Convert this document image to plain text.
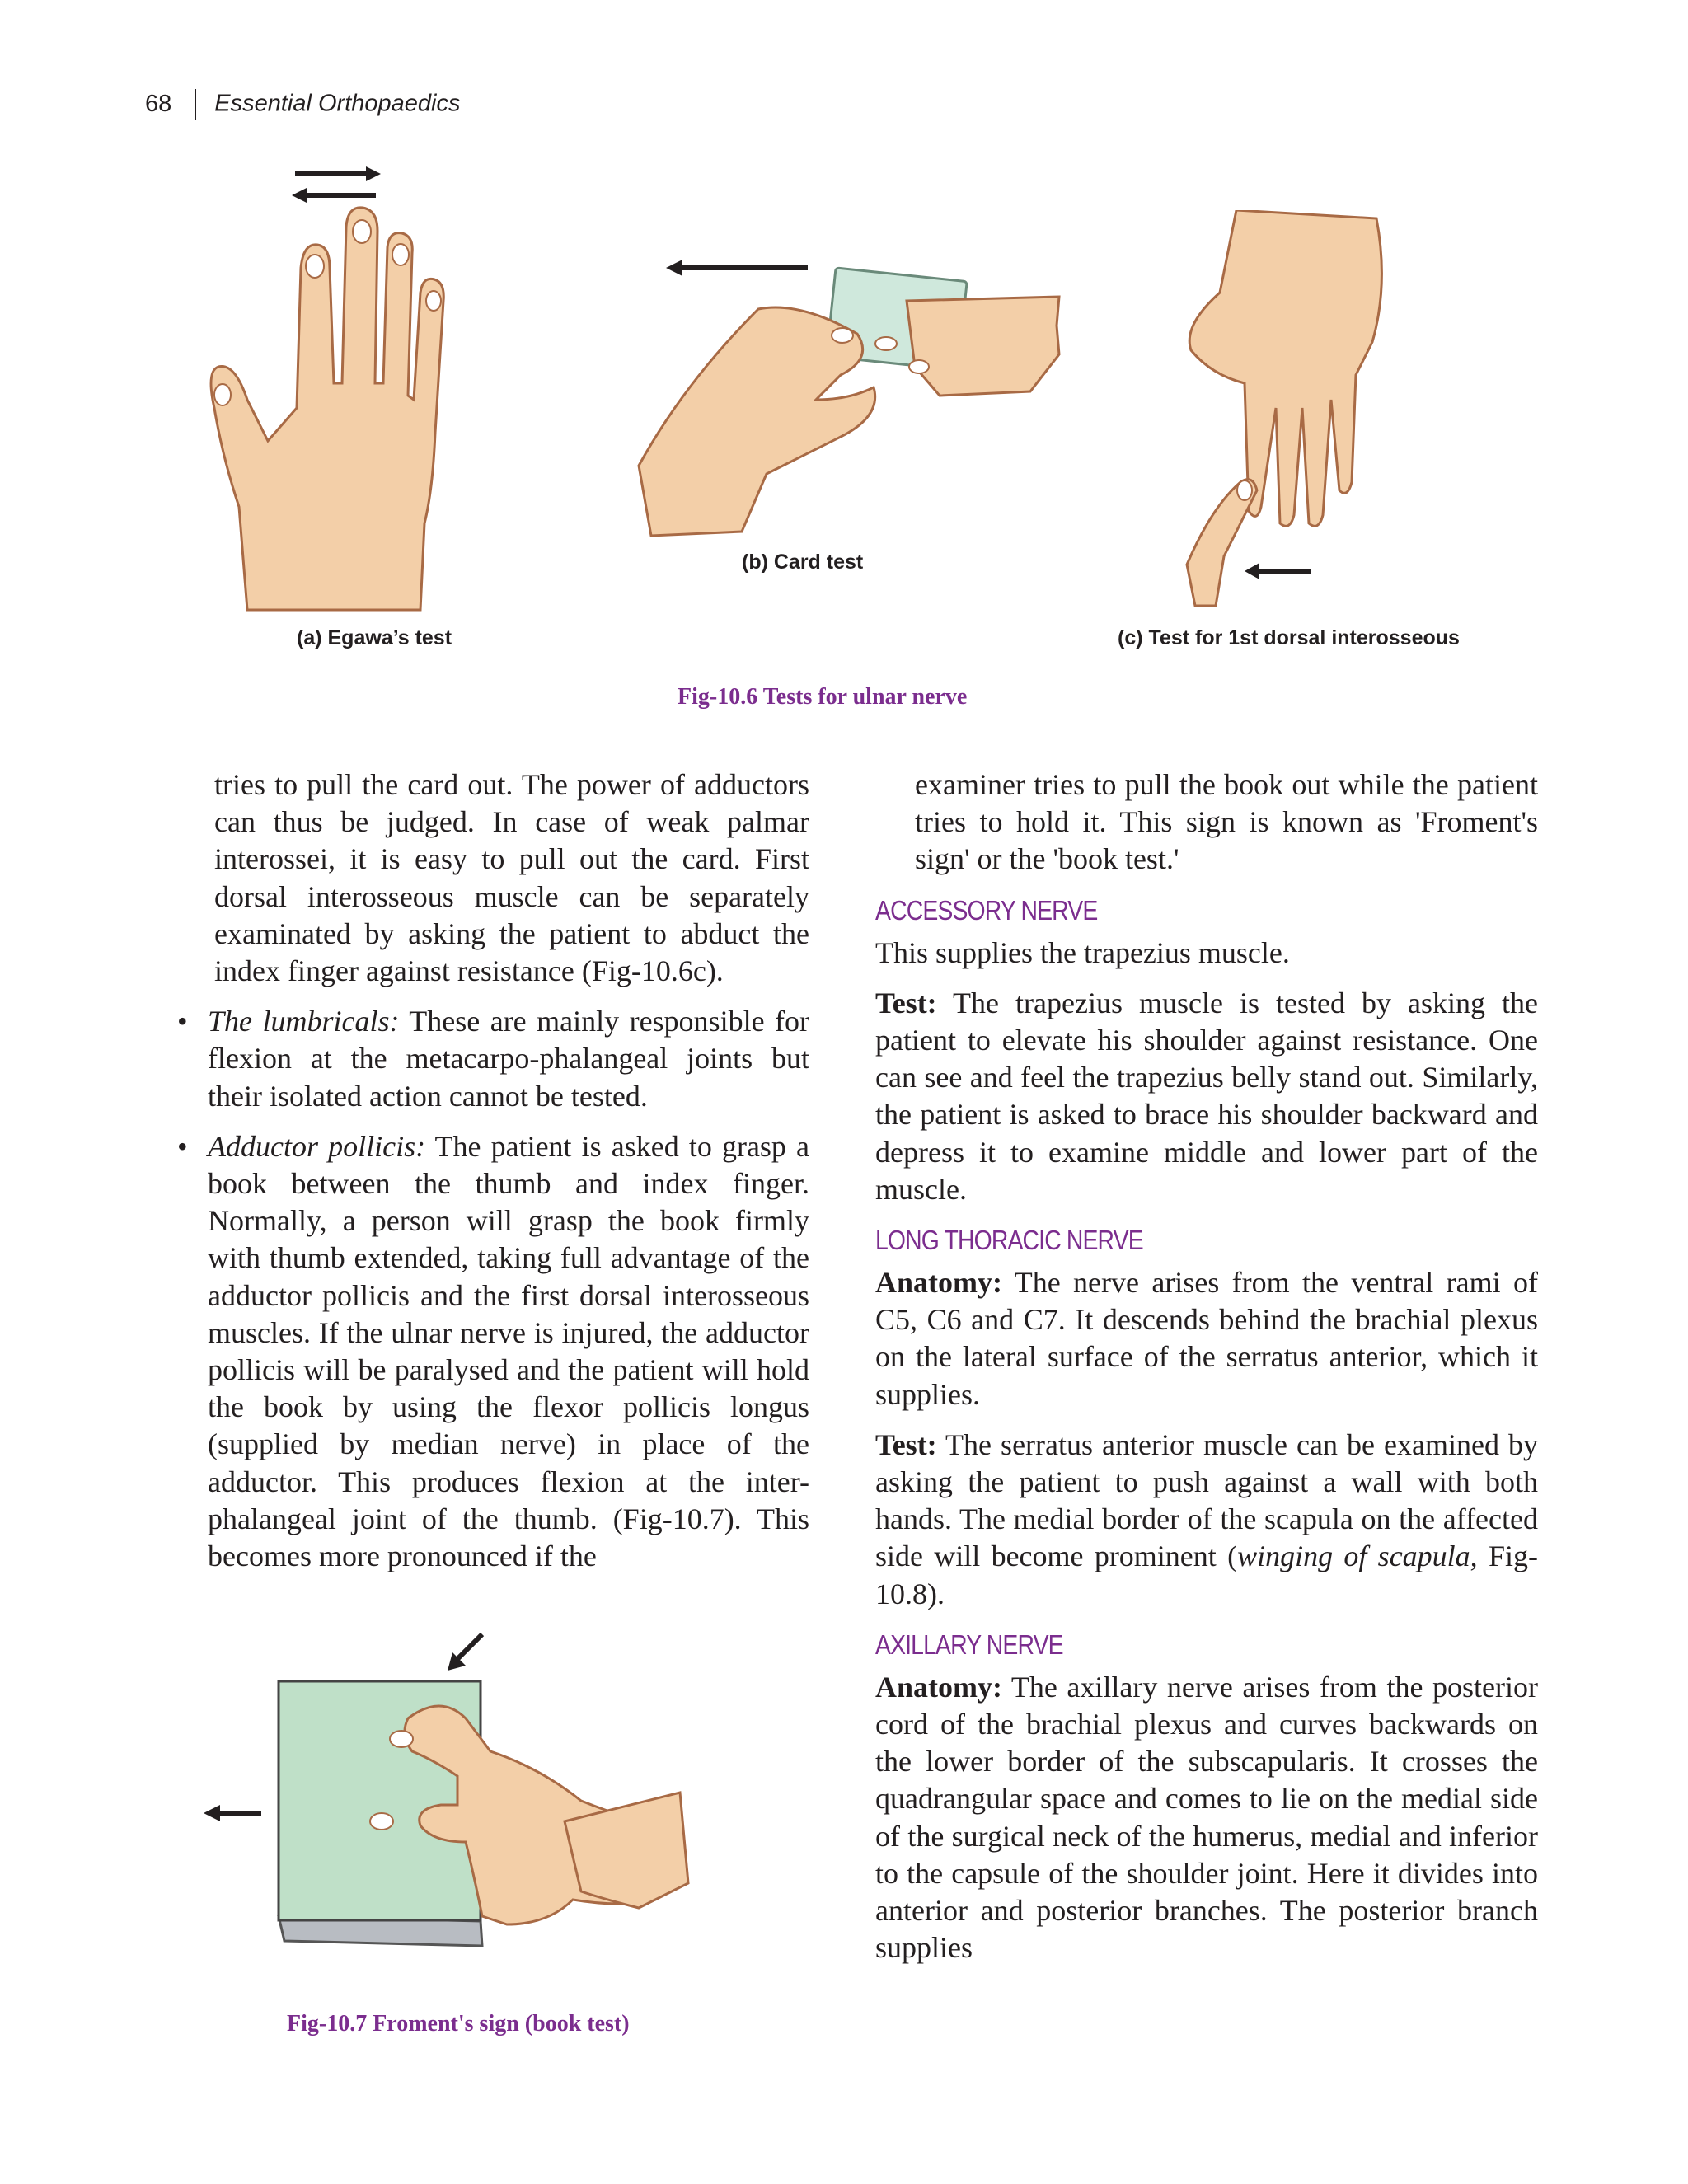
68 Essential Orthopaedics
(a) Egawa’s test
(b) Card test
(c) Test for 1st dorsal interosseous
Fig-10.6 Tests for ulnar nerve

tries to pull the card out. The power of adductors can thus be judged. In case of weak palmar interossei, it is easy to pull out the card. First dorsal interosseous muscle can be separately examinated by asking the patient to abduct the index finger against resistance (Fig-10.6c).

• The lumbricals: These are mainly responsible for flexion at the metacarpo-phalangeal joints but their isolated action cannot be tested.
• Adductor pollicis: The patient is asked to grasp a book between the thumb and index finger. Normally, a person will grasp the book firmly with thumb extended, taking full advantage of the adductor pollicis and the first dorsal interosseous muscles. If the ulnar nerve is injured, the adductor pollicis will be paralysed and the patient will hold the book by using the flexor pollicis longus (supplied by median nerve) in place of the adductor. This produces flexion at the inter-phalangeal joint of the thumb. (Fig-10.7). This becomes more pronounced if the
Fig-10.7 Froment's sign (book test)

examiner tries to pull the book out while the patient tries to hold it. This sign is known as 'Froment's sign' or the 'book test.'

ACCESSORY NERVE

This supplies the trapezius muscle.

Test: The trapezius muscle is tested by asking the patient to elevate his shoulder against resistance. One can see and feel the trapezius belly stand out. Similarly, the patient is asked to brace his shoulder backward and depress it to examine middle and lower part of the muscle.

LONG THORACIC NERVE

Anatomy: The nerve arises from the ventral rami of C5, C6 and C7. It descends behind the brachial plexus on the lateral surface of the serratus anterior, which it supplies.

Test: The serratus anterior muscle can be examined by asking the patient to push against a wall with both hands. The medial border of the scapula on the affected side will become prominent (winging of scapula, Fig-10.8).

AXILLARY NERVE

Anatomy: The axillary nerve arises from the posterior cord of the brachial plexus and curves backwards on the lower border of the subscapularis. It crosses the quadrangular space and comes to lie on the medial side of the surgical neck of the humerus, medial and inferior to the capsule of the shoulder joint. Here it divides into anterior and posterior branches. The posterior branch supplies
